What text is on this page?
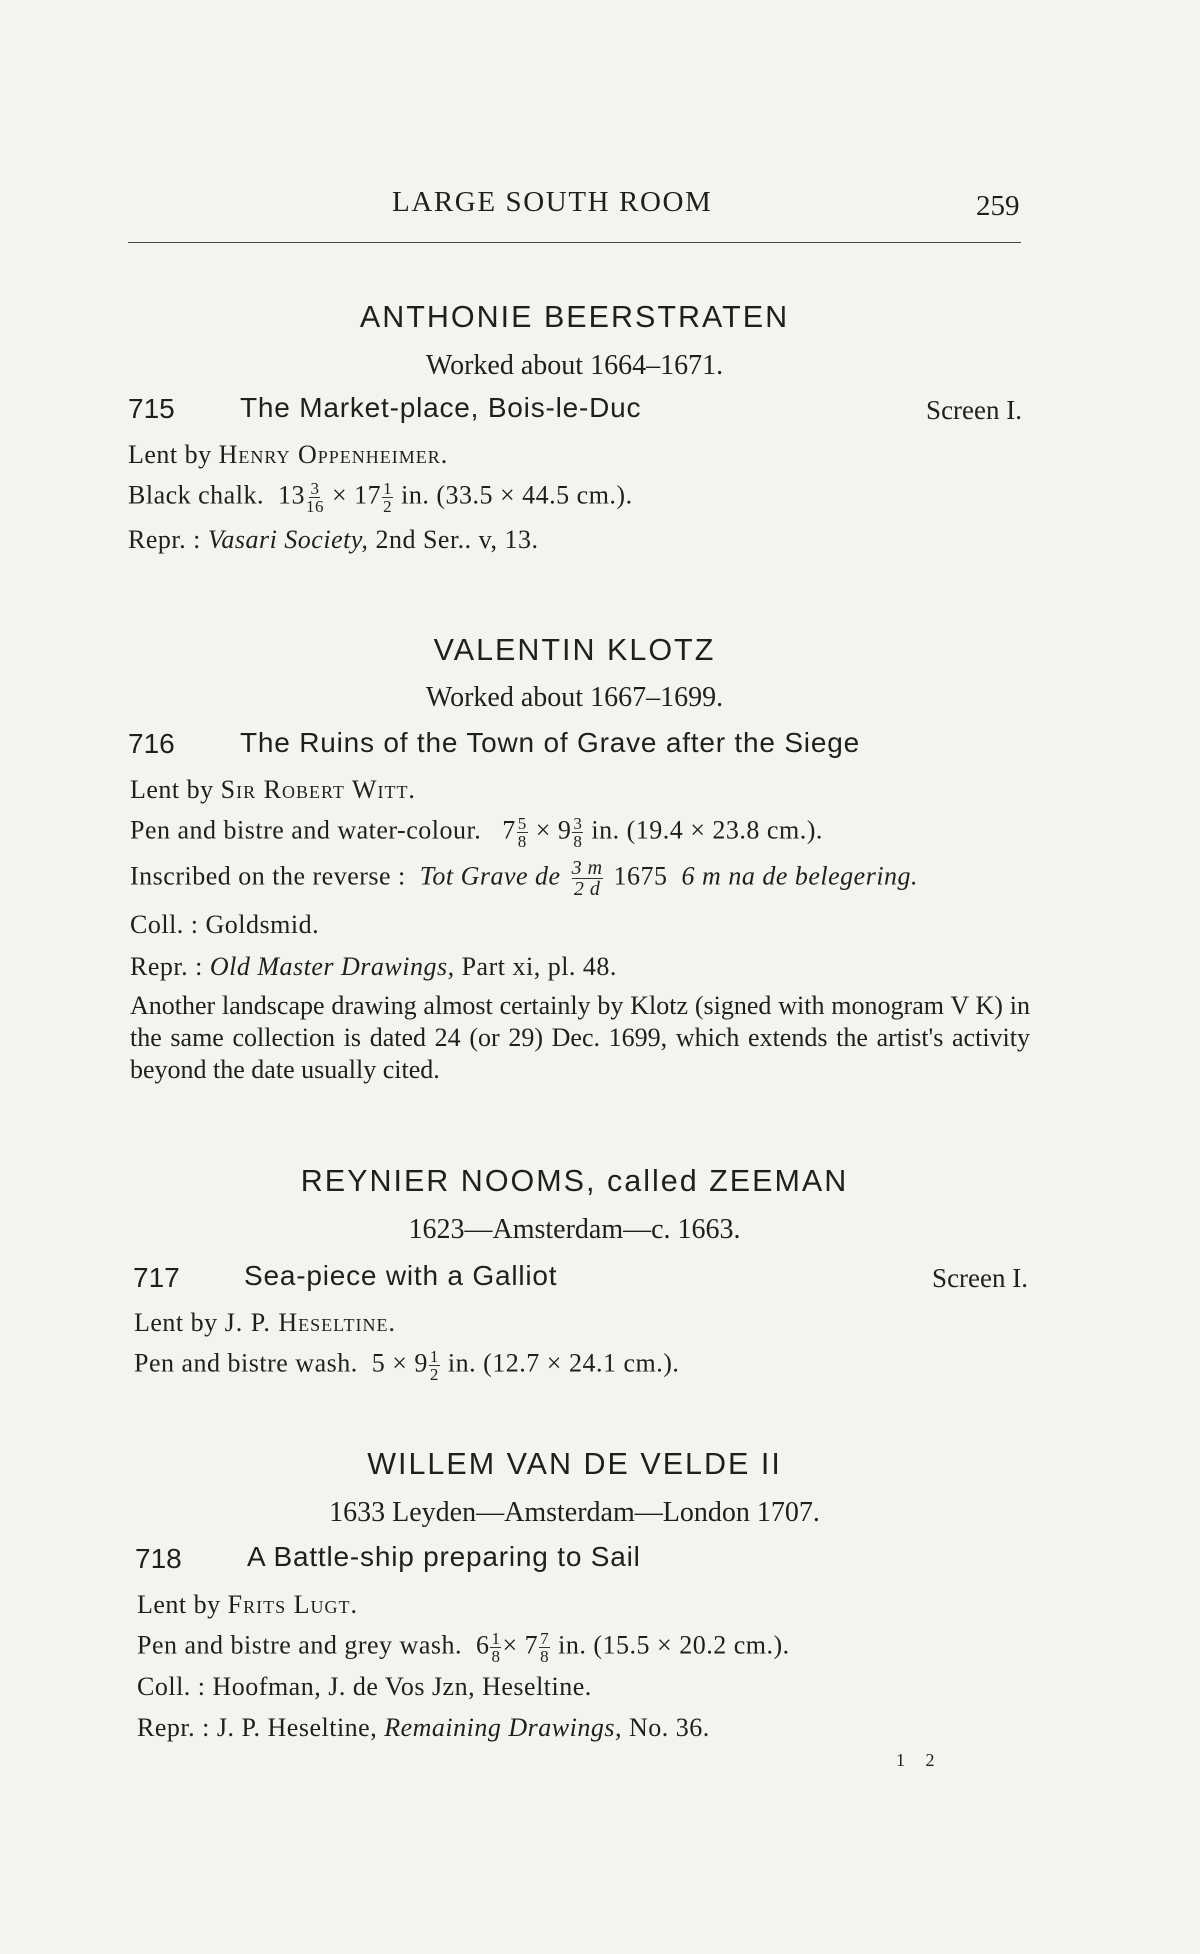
LARGE SOUTH ROOM	259
ANTHONIE BEERSTRATEN
Worked about 1664–1671.
715 The Market-place, Bois-le-Duc	Screen I.
Lent by Henry Oppenheimer.
Black chalk. $13 \frac{3}{16} \times 17 \frac{1}{2}$ in. (33.5 × 44.5 cm.).
Repr. : Vasari Society, 2nd Ser.. v, 13.
VALENTIN KLOTZ
Worked about 1667–1699.
716 The Ruins of the Town of Grave after the Siege
Lent by Sir Robert Witt.
Pen and bistre and water-colour. $7 \frac{5}{8} \times 9 \frac{3}{8}$ in. (19.4 × 23.8 cm.).
Inscribed on the reverse : Tot Grave de $\frac{3 m}{2 d} 1675$ 6 m na de belegering.
Coll. : Goldsmid.
Repr. : Old Master Drawings, Part xi, pl. 48.
Another landscape drawing almost certainly by Klotz (signed with monogram V K) in the same collection is dated 24 (or 29) Dec. 1699, which extends the artist's activity beyond the date usually cited.
REYNIER NOOMS, called ZEEMAN
1623—Amsterdam—c. 1663.
717 Sea-piece with a Galliot	Screen I.
Lent by J. P. Heseltine.
Pen and bistre wash. $5 \times 9 \frac{1}{2}$ in. (12.7 × 24.1 cm.).
WILLEM VAN DE VELDE II
1633 Leyden—Amsterdam—London 1707.
718 A Battle-ship preparing to Sail
Lent by Frits Lugt.
Pen and bistre and grey wash. $6 \frac{1}{8} \times 7 \frac{7}{8}$ in. (15.5 × 20.2 cm.).
Coll. : Hoofman, J. de Vos Jzn, Heseltine.
Repr. : J. P. Heseltine, Remaining Drawings, No. 36.
1 2
